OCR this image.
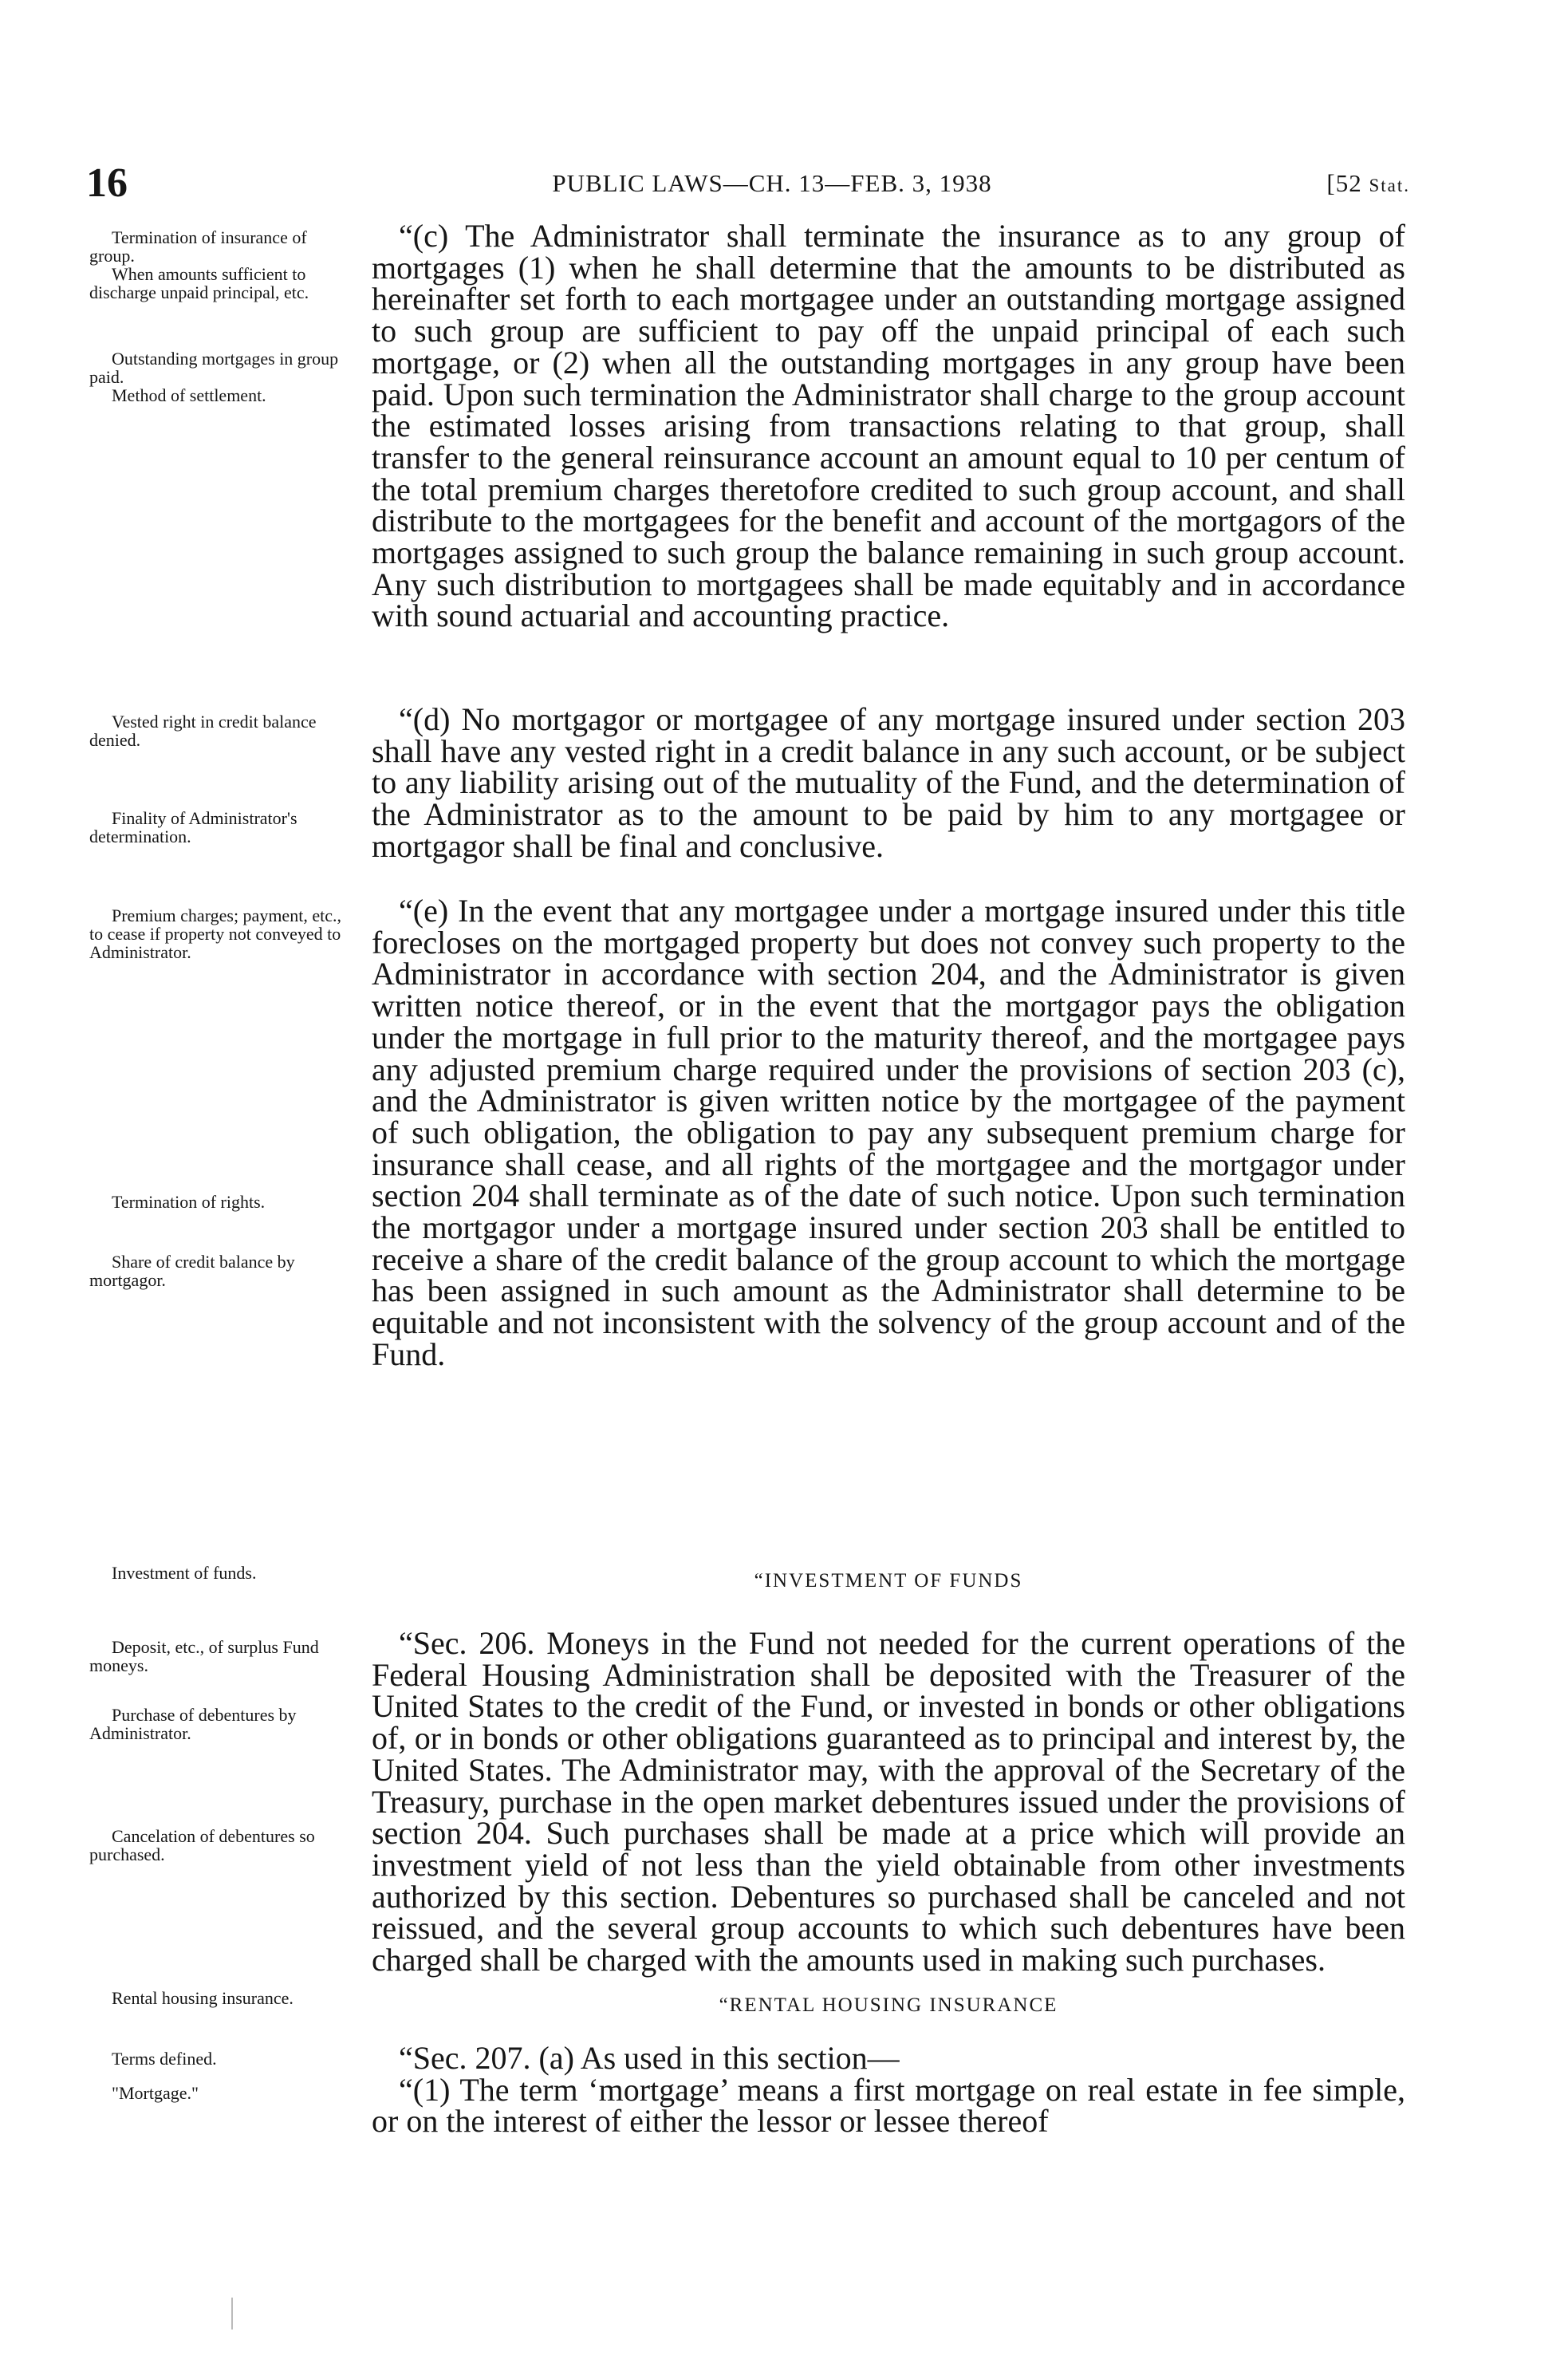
16	PUBLIC LAWS—CH. 13—FEB. 3, 1938	[52 Stat.

Termination of insurance of group.

When amounts sufficient to discharge unpaid principal, etc.

Outstanding mortgages in group paid.

Method of settlement.

Vested right in credit balance denied.

Finality of Administrator's determination.

Premium charges; payment, etc., to cease if property not conveyed to Administrator.

Termination of rights.

Share of credit balance by mortgagor.

Investment of funds.

Deposit, etc., of surplus Fund moneys.

Purchase of debentures by Administrator.

Cancelation of debentures so purchased.

Rental housing insurance.

Terms defined.

"Mortgage."

“(c) The Administrator shall terminate the insurance as to any group of mortgages (1) when he shall determine that the amounts to be distributed as hereinafter set forth to each mortgagee under an outstanding mortgage assigned to such group are sufficient to pay off the unpaid principal of each such mortgage, or (2) when all the outstanding mortgages in any group have been paid. Upon such termination the Administrator shall charge to the group account the estimated losses arising from transactions relating to that group, shall transfer to the general reinsurance account an amount equal to 10 per centum of the total premium charges theretofore credited to such group account, and shall distribute to the mortgagees for the benefit and account of the mortgagors of the mortgages assigned to such group the balance remaining in such group account. Any such distribution to mortgagees shall be made equitably and in accordance with sound actuarial and accounting practice.

“(d) No mortgagor or mortgagee of any mortgage insured under section 203 shall have any vested right in a credit balance in any such account, or be subject to any liability arising out of the mutuality of the Fund, and the determination of the Administrator as to the amount to be paid by him to any mortgagee or mortgagor shall be final and conclusive.

“(e) In the event that any mortgagee under a mortgage insured under this title forecloses on the mortgaged property but does not convey such property to the Administrator in accordance with section 204, and the Administrator is given written notice thereof, or in the event that the mortgagor pays the obligation under the mortgage in full prior to the maturity thereof, and the mortgagee pays any adjusted premium charge required under the provisions of section 203 (c), and the Administrator is given written notice by the mortgagee of the payment of such obligation, the obligation to pay any subsequent premium charge for insurance shall cease, and all rights of the mortgagee and the mortgagor under section 204 shall terminate as of the date of such notice. Upon such termination the mortgagor under a mortgage insured under section 203 shall be entitled to receive a share of the credit balance of the group account to which the mortgage has been assigned in such amount as the Administrator shall determine to be equitable and not inconsistent with the solvency of the group account and of the Fund.

“INVESTMENT OF FUNDS

“Sec. 206. Moneys in the Fund not needed for the current operations of the Federal Housing Administration shall be deposited with the Treasurer of the United States to the credit of the Fund, or invested in bonds or other obligations of, or in bonds or other obligations guaranteed as to principal and interest by, the United States. The Administrator may, with the approval of the Secretary of the Treasury, purchase in the open market debentures issued under the provisions of section 204. Such purchases shall be made at a price which will provide an investment yield of not less than the yield obtainable from other investments authorized by this section. Debentures so purchased shall be canceled and not reissued, and the several group accounts to which such debentures have been charged shall be charged with the amounts used in making such purchases.

“RENTAL HOUSING INSURANCE

“Sec. 207. (a) As used in this section—

“(1) The term ‘mortgage’ means a first mortgage on real estate in fee simple, or on the interest of either the lessor or lessee thereof
